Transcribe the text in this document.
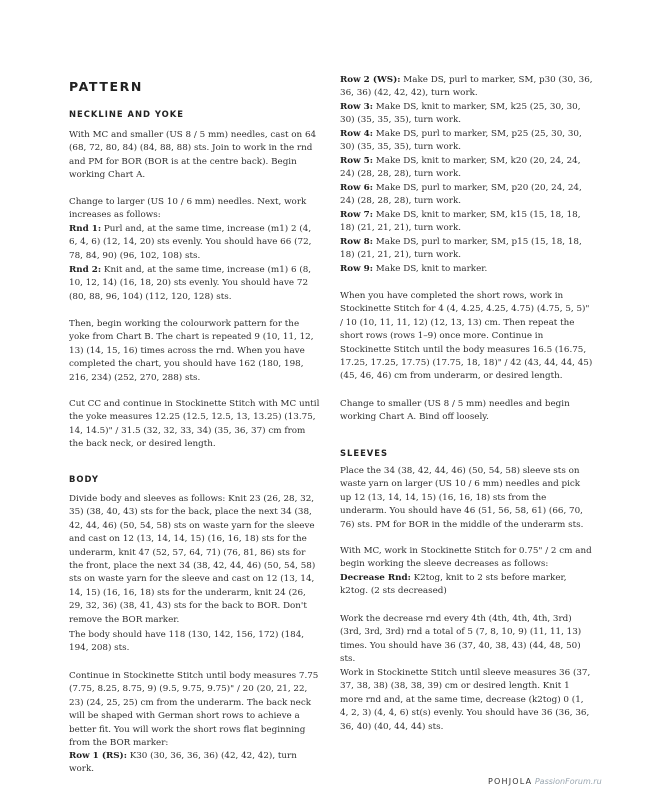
PATTERN
NECKLINE AND YOKE

With MC and smaller (US 8 / 5 mm) needles, cast on 64 (68, 72, 80, 84) (84, 88, 88) sts. Join to work in the rnd and PM for BOR (BOR is at the centre back). Begin working Chart A.

Change to larger (US 10 / 6 mm) needles. Next, work increases as follows:

Rnd 1: Purl and, at the same time, increase (m1) 2 (4, 6, 4, 6) (12, 14, 20) sts evenly. You should have 66 (72, 78, 84, 90) (96, 102, 108) sts.

Rnd 2: Knit and, at the same time, increase (m1) 6 (8, 10, 12, 14) (16, 18, 20) sts evenly. You should have 72 (80, 88, 96, 104) (112, 120, 128) sts.

Then, begin working the colourwork pattern for the yoke from Chart B. The chart is repeated 9 (10, 11, 12, 13) (14, 15, 16) times across the rnd. When you have completed the chart, you should have 162 (180, 198, 216, 234) (252, 270, 288) sts.

Cut CC and continue in Stockinette Stitch with MC until the yoke measures 12.25 (12.5, 12.5, 13, 13.25) (13.75, 14, 14.5)" / 31.5 (32, 32, 33, 34) (35, 36, 37) cm from the back neck, or desired length.

BODY

Divide body and sleeves as follows: Knit 23 (26, 28, 32, 35) (38, 40, 43) sts for the back, place the next 34 (38, 42, 44, 46) (50, 54, 58) sts on waste yarn for the sleeve and cast on 12 (13, 14, 14, 15) (16, 16, 18) sts for the underarm, knit 47 (52, 57, 64, 71) (76, 81, 86) sts for the front, place the next 34 (38, 42, 44, 46) (50, 54, 58) sts on waste yarn for the sleeve and cast on 12 (13, 14, 14, 15) (16, 16, 18) sts for the underarm, knit 24 (26, 29, 32, 36) (38, 41, 43) sts for the back to BOR. Don't remove the BOR marker.

The body should have 118 (130, 142, 156, 172) (184, 194, 208) sts.

Continue in Stockinette Stitch until body measures 7.75 (7.75, 8.25, 8.75, 9) (9.5, 9.75, 9.75)" / 20 (20, 21, 22, 23) (24, 25, 25) cm from the underarm. The back neck will be shaped with German short rows to achieve a better fit. You will work the short rows flat beginning from the BOR marker:

Row 1 (RS): K30 (30, 36, 36, 36) (42, 42, 42), turn work.

Row 2 (WS): Make DS, purl to marker, SM, p30 (30, 36, 36, 36) (42, 42, 42), turn work.

Row 3: Make DS, knit to marker, SM, k25 (25, 30, 30, 30) (35, 35, 35), turn work.

Row 4: Make DS, purl to marker, SM, p25 (25, 30, 30, 30) (35, 35, 35), turn work.

Row 5: Make DS, knit to marker, SM, k20 (20, 24, 24, 24) (28, 28, 28), turn work.

Row 6: Make DS, purl to marker, SM, p20 (20, 24, 24, 24) (28, 28, 28), turn work.

Row 7: Make DS, knit to marker, SM, k15 (15, 18, 18, 18) (21, 21, 21), turn work.

Row 8: Make DS, purl to marker, SM, p15 (15, 18, 18, 18) (21, 21, 21), turn work.

Row 9: Make DS, knit to marker.

When you have completed the short rows, work in Stockinette Stitch for 4 (4, 4.25, 4.25, 4.75) (4.75, 5, 5)" / 10 (10, 11, 11, 12) (12, 13, 13) cm. Then repeat the short rows (rows 1–9) once more. Continue in Stockinette Stitch until the body measures 16.5 (16.75, 17.25, 17.25, 17.75) (17.75, 18, 18)" / 42 (43, 44, 44, 45) (45, 46, 46) cm from underarm, or desired length.

Change to smaller (US 8 / 5 mm) needles and begin working Chart A. Bind off loosely.

SLEEVES

Place the 34 (38, 42, 44, 46) (50, 54, 58) sleeve sts on waste yarn on larger (US 10 / 6 mm) needles and pick up 12 (13, 14, 14, 15) (16, 16, 18) sts from the underarm. You should have 46 (51, 56, 58, 61) (66, 70, 76) sts. PM for BOR in the middle of the underarm sts.

With MC, work in Stockinette Stitch for 0.75" / 2 cm and begin working the sleeve decreases as follows:

Decrease Rnd: K2tog, knit to 2 sts before marker, k2tog. (2 sts decreased)

Work the decrease rnd every 4th (4th, 4th, 4th, 3rd) (3rd, 3rd, 3rd) rnd a total of 5 (7, 8, 10, 9) (11, 11, 13) times. You should have 36 (37, 40, 38, 43) (44, 48, 50) sts.

Work in Stockinette Stitch until sleeve measures 36 (37, 37, 38, 38) (38, 38, 39) cm or desired length. Knit 1 more rnd and, at the same time, decrease (k2tog) 0 (1, 4, 2, 3) (4, 4, 6) st(s) evenly. You should have 36 (36, 36, 36, 40) (40, 44, 44) sts.

POHJOLA PassionForum.ru
